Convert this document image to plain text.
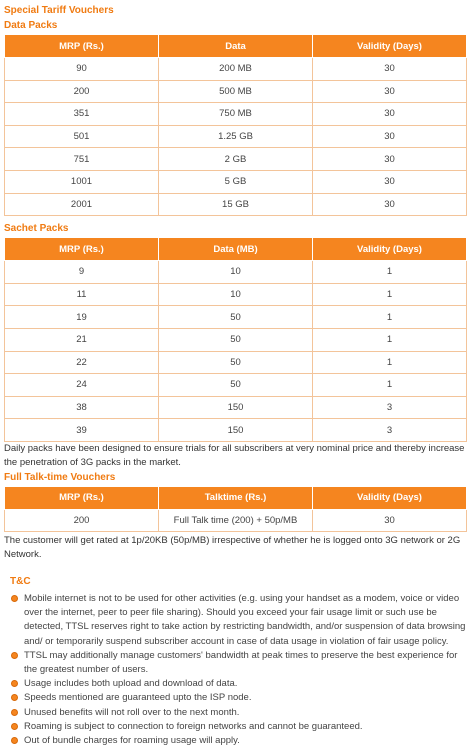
Special Tariff Vouchers
Data Packs
MRP (Rs.)	Data	Validity (Days)
90	200 MB	30
200	500 MB	30
351	750 MB	30
501	1.25 GB	30
751	2 GB	30
1001	5 GB	30
2001	15 GB	30
Sachet Packs
MRP (Rs.)	Data (MB)	Validity (Days)
9	10	1
11	10	1
19	50	1
21	50	1
22	50	1
24	50	1
38	150	3
39	150	3
Daily packs have been designed to ensure trials for all subscribers at very nominal price and thereby increase the penetration of 3G packs in the market.
Full Talk-time Vouchers
MRP (Rs.)	Talktime (Rs.)	Validity (Days)
200	Full Talk time (200) + 50p/MB	30
The customer will get rated at 1p/20KB (50p/MB) irrespective of whether he is logged onto 3G network or 2G Network.
T&C
Mobile internet is not to be used for other activities (e.g. using your handset as a modem, voice or video over the internet, peer to peer file sharing). Should you exceed your fair usage limit or such use be detected, TTSL reserves right to take action by restricting bandwidth, and/or suspension of data browsing and/ or temporarily suspend subscriber account in case of data usage in violation of fair usage policy.
TTSL may additionally manage customers' bandwidth at peak times to preserve the best experience for the greatest number of users.
Usage includes both upload and download of data.
Speeds mentioned are guaranteed upto the ISP node.
Unused benefits will not roll over to the next month.
Roaming is subject to connection to foreign networks and cannot be guaranteed.
Out of bundle charges for roaming usage will apply.
